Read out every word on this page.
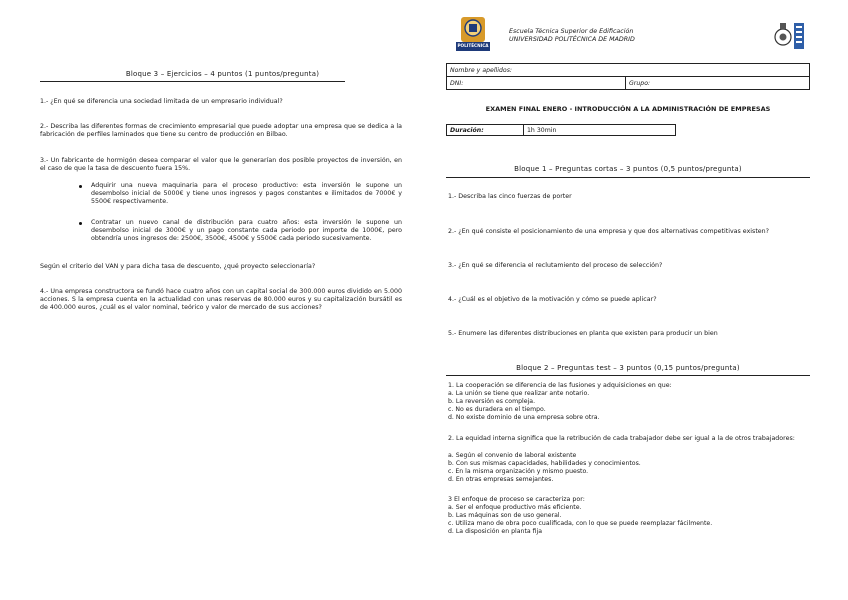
Bloque 3 – Ejercicios – 4 puntos (1 puntos/pregunta)
1.- ¿En qué se diferencia una sociedad limitada de un empresario individual?
2.- Describa las diferentes formas de crecimiento empresarial que puede adoptar una empresa que se dedica a la fabricación de perfiles laminados que tiene su centro de producción en Bilbao.
3.- Un fabricante de hormigón desea comparar el valor que le generarían dos posible proyectos de inversión, en el caso de que la tasa de descuento fuera 15%.
Adquirir una nueva maquinaria para el proceso productivo: esta inversión le supone un desembolso inicial de 5000€ y tiene unos ingresos y pagos constantes e ilimitados de 7000€ y 5500€ respectivamente.
Contratar un nuevo canal de distribución para cuatro años: esta inversión le supone un desembolso inicial de 3000€ y un pago constante cada periodo por importe de 1000€, pero obtendría unos ingresos de: 2500€, 3500€, 4500€ y 5500€ cada periodo sucesivamente.
Según el criterio del VAN y para dicha tasa de descuento, ¿qué proyecto seleccionaría?
4.- Una empresa constructora se fundó hace cuatro años con un capital social de 300.000 euros dividido en 5.000 acciones. S la empresa cuenta en la actualidad con unas reservas de 80.000 euros y su capitalización bursátil es de 400.000 euros, ¿cuál es el valor nominal, teórico y valor de mercado de sus acciones?
POLITÉCNICA
Escuela Técnica Superior de Edificación
UNIVERSIDAD POLITÉCNICA DE MADRID
Nombre y apellidos:
DNI:	Grupo:
EXAMEN FINAL ENERO - INTRODUCCIÓN A LA ADMINISTRACIÓN DE EMPRESAS
Duración:	1h 30min
Bloque 1 – Preguntas cortas – 3 puntos (0,5 puntos/pregunta)
1.- Describa las cinco fuerzas de porter
2.- ¿En qué consiste el posicionamiento de una empresa y que dos alternativas competitivas existen?
3.- ¿En qué se diferencia el reclutamiento del proceso de selección?
4.- ¿Cuál es el objetivo de la motivación y cómo se puede aplicar?
5.- Enumere las diferentes distribuciones en planta que existen para producir un bien
Bloque 2 – Preguntas test – 3 puntos (0,15 puntos/pregunta)
1. La cooperación se diferencia de las fusiones y adquisiciones en que:
a. La unión se tiene que realizar ante notario.
b. La reversión es compleja.
c. No es duradera en el tiempo.
d. No existe dominio de una empresa sobre otra.
2. La equidad interna significa que la retribución de cada trabajador debe ser igual a la de otros trabajadores:
a. Según el convenio de laboral existente
b. Con sus mismas capacidades, habilidades y conocimientos.
c. En la misma organización y mismo puesto.
d. En otras empresas semejantes.
3 El enfoque de proceso se caracteriza por:
a. Ser el enfoque productivo más eficiente.
b. Las máquinas son de uso general.
c. Utiliza mano de obra poco cualificada, con lo que se puede reemplazar fácilmente.
d. La disposición en planta fija
